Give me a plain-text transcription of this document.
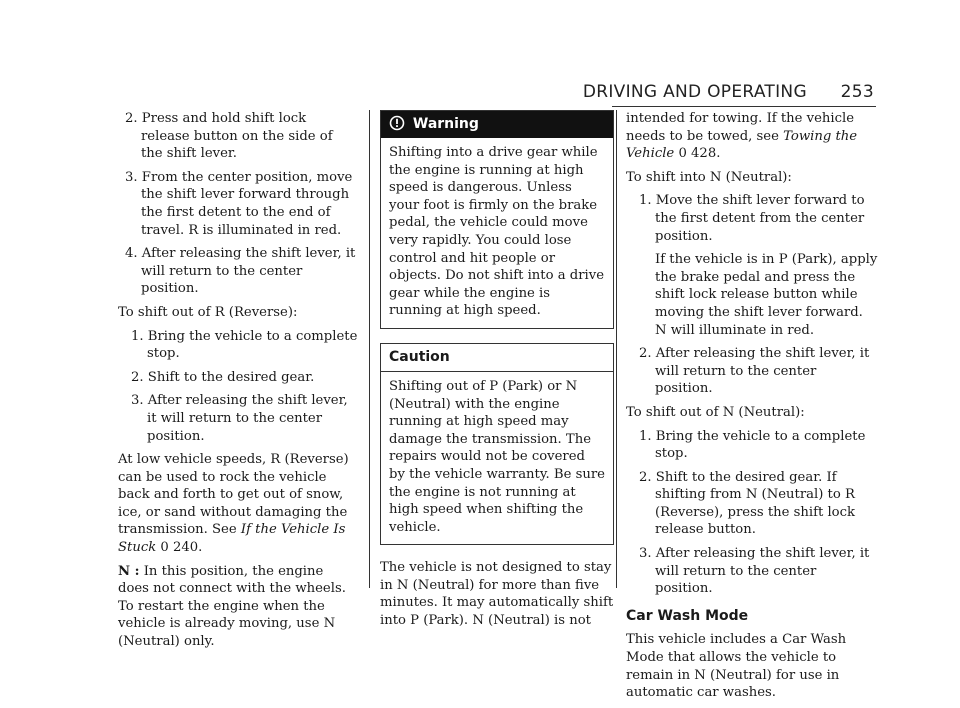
DRIVING AND OPERATING 253
2. Press and hold shift lock release button on the side of the shift lever.
3. From the center position, move the shift lever forward through the first detent to the end of travel. R is illuminated in red.
4. After releasing the shift lever, it will return to the center position.

To shift out of R (Reverse):

1. Bring the vehicle to a complete stop.
2. Shift to the desired gear.
3. After releasing the shift lever, it will return to the center position.

At low vehicle speeds, R (Reverse) can be used to rock the vehicle back and forth to get out of snow, ice, or sand without damaging the transmission. See If the Vehicle Is Stuck 0 240.

N : In this position, the engine does not connect with the wheels. To restart the engine when the vehicle is already moving, use N (Neutral) only.

Warning
Shifting into a drive gear while the engine is running at high speed is dangerous. Unless your foot is firmly on the brake pedal, the vehicle could move very rapidly. You could lose control and hit people or objects. Do not shift into a drive gear while the engine is running at high speed.
Caution
Shifting out of P (Park) or N (Neutral) with the engine running at high speed may damage the transmission. The repairs would not be covered by the vehicle warranty. Be sure the engine is not running at high speed when shifting the vehicle.

The vehicle is not designed to stay in N (Neutral) for more than five minutes. It may automatically shift into P (Park). N (Neutral) is not

intended for towing. If the vehicle needs to be towed, see Towing the Vehicle 0 428.

To shift into N (Neutral):

1. Move the shift lever forward to the first detent from the center position.
If the vehicle is in P (Park), apply the brake pedal and press the shift lock release button while moving the shift lever forward. N will illuminate in red.
2. After releasing the shift lever, it will return to the center position.

To shift out of N (Neutral):

1. Bring the vehicle to a complete stop.
2. Shift to the desired gear. If shifting from N (Neutral) to R (Reverse), press the shift lock release button.
3. After releasing the shift lever, it will return to the center position.
Car Wash Mode

This vehicle includes a Car Wash Mode that allows the vehicle to remain in N (Neutral) for use in automatic car washes.
